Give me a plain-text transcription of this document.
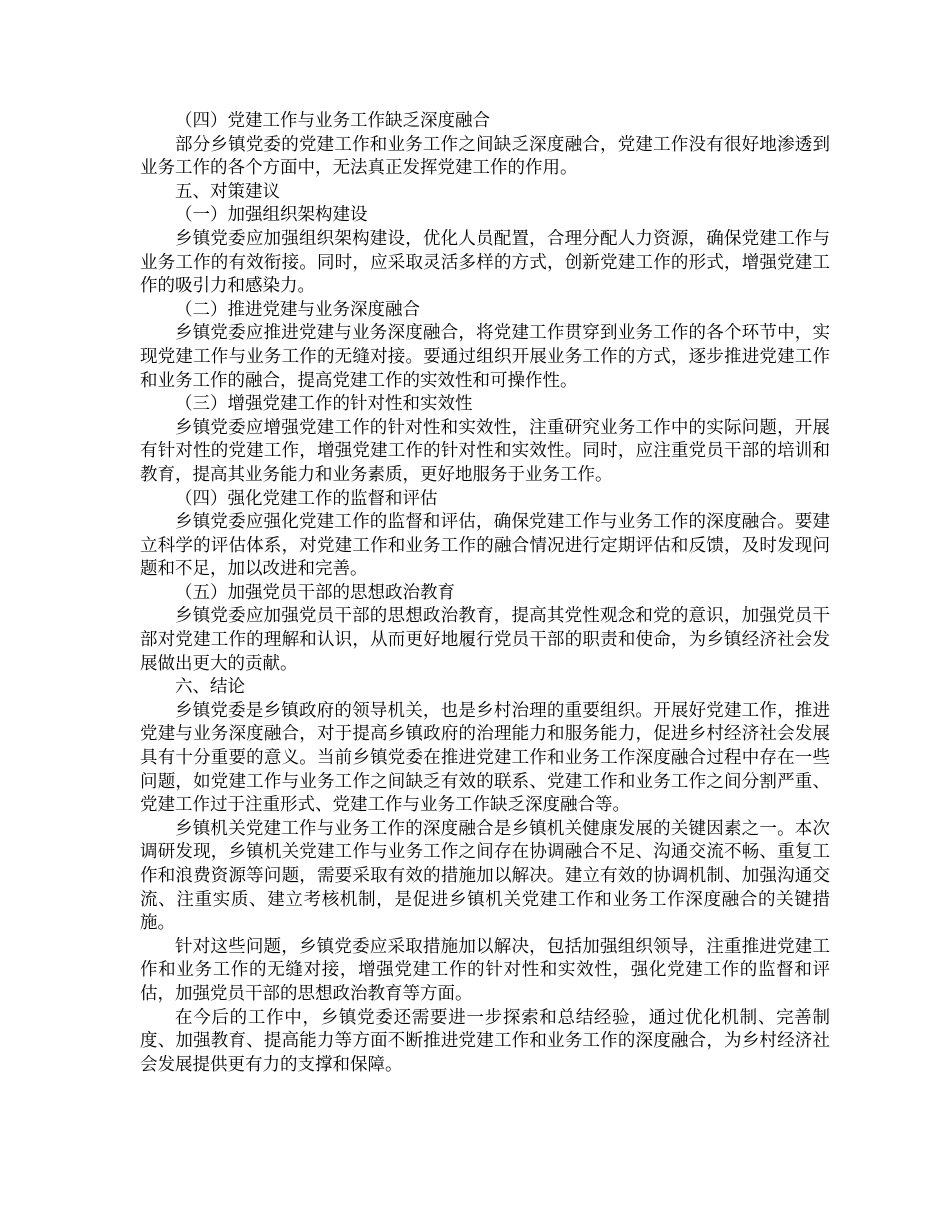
（四）党建工作与业务工作缺乏深度融合

部分乡镇党委的党建工作和业务工作之间缺乏深度融合，党建工作没有很好地渗透到业务工作的各个方面中，无法真正发挥党建工作的作用。

五、对策建议

（一）加强组织架构建设

乡镇党委应加强组织架构建设，优化人员配置，合理分配人力资源，确保党建工作与业务工作的有效衔接。同时，应采取灵活多样的方式，创新党建工作的形式，增强党建工作的吸引力和感染力。

（二）推进党建与业务深度融合

乡镇党委应推进党建与业务深度融合，将党建工作贯穿到业务工作的各个环节中，实现党建工作与业务工作的无缝对接。要通过组织开展业务工作的方式，逐步推进党建工作和业务工作的融合，提高党建工作的实效性和可操作性。

（三）增强党建工作的针对性和实效性

乡镇党委应增强党建工作的针对性和实效性，注重研究业务工作中的实际问题，开展有针对性的党建工作，增强党建工作的针对性和实效性。同时，应注重党员干部的培训和教育，提高其业务能力和业务素质，更好地服务于业务工作。

（四）强化党建工作的监督和评估

乡镇党委应强化党建工作的监督和评估，确保党建工作与业务工作的深度融合。要建立科学的评估体系，对党建工作和业务工作的融合情况进行定期评估和反馈，及时发现问题和不足，加以改进和完善。

（五）加强党员干部的思想政治教育

乡镇党委应加强党员干部的思想政治教育，提高其党性观念和党的意识，加强党员干部对党建工作的理解和认识，从而更好地履行党员干部的职责和使命，为乡镇经济社会发展做出更大的贡献。

六、结论

乡镇党委是乡镇政府的领导机关，也是乡村治理的重要组织。开展好党建工作，推进党建与业务深度融合，对于提高乡镇政府的治理能力和服务能力，促进乡村经济社会发展具有十分重要的意义。当前乡镇党委在推进党建工作和业务工作深度融合过程中存在一些问题，如党建工作与业务工作之间缺乏有效的联系、党建工作和业务工作之间分割严重、党建工作过于注重形式、党建工作与业务工作缺乏深度融合等。

乡镇机关党建工作与业务工作的深度融合是乡镇机关健康发展的关键因素之一。本次调研发现，乡镇机关党建工作与业务工作之间存在协调融合不足、沟通交流不畅、重复工作和浪费资源等问题，需要采取有效的措施加以解决。建立有效的协调机制、加强沟通交流、注重实质、建立考核机制，是促进乡镇机关党建工作和业务工作深度融合的关键措施。

针对这些问题，乡镇党委应采取措施加以解决，包括加强组织领导，注重推进党建工作和业务工作的无缝对接，增强党建工作的针对性和实效性，强化党建工作的监督和评估，加强党员干部的思想政治教育等方面。

在今后的工作中，乡镇党委还需要进一步探索和总结经验，通过优化机制、完善制度、加强教育、提高能力等方面不断推进党建工作和业务工作的深度融合，为乡村经济社会发展提供更有力的支撑和保障。
